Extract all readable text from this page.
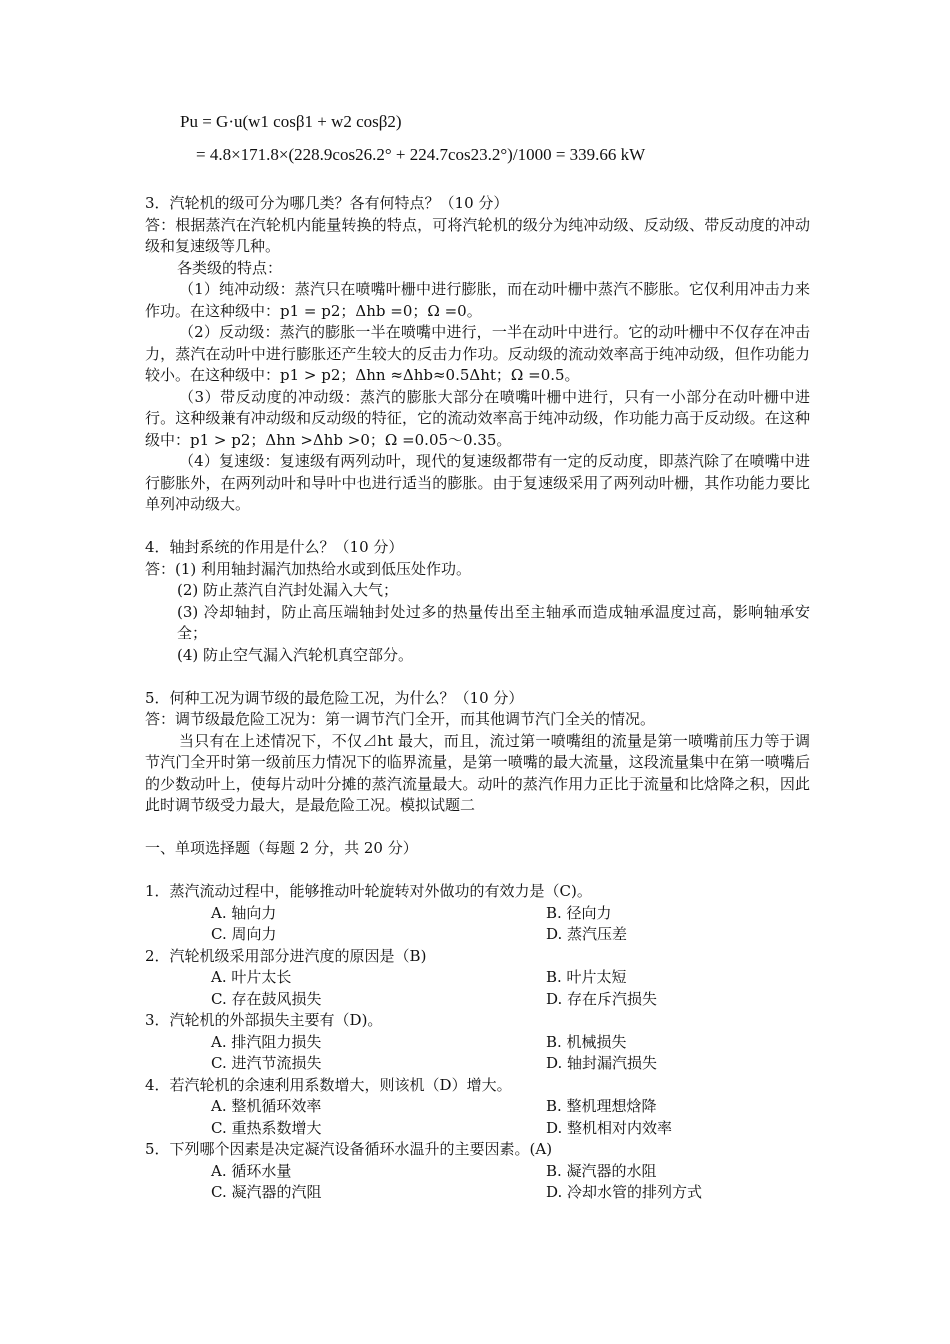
Pu = G·u(w1 cosβ1 + w2 cosβ2)
= 4.8×171.8×(228.9cos26.2° + 224.7cos23.2°)/1000 = 339.66 kW
3．汽轮机的级可分为哪几类？各有何特点？（10 分）
答：根据蒸汽在汽轮机内能量转换的特点，可将汽轮机的级分为纯冲动级、反动级、带反动度的冲动级和复速级等几种。
各类级的特点：
（1）纯冲动级：蒸汽只在喷嘴叶栅中进行膨胀，而在动叶栅中蒸汽不膨胀。它仅利用冲击力来作功。在这种级中：p1 = p2；Δhb =0；Ω =0。
（2）反动级：蒸汽的膨胀一半在喷嘴中进行，一半在动叶中进行。它的动叶栅中不仅存在冲击力，蒸汽在动叶中进行膨胀还产生较大的反击力作功。反动级的流动效率高于纯冲动级，但作功能力较小。在这种级中：p1 > p2；Δhn ≈Δhb≈0.5Δht；Ω =0.5。
（3）带反动度的冲动级：蒸汽的膨胀大部分在喷嘴叶栅中进行，只有一小部分在动叶栅中进行。这种级兼有冲动级和反动级的特征，它的流动效率高于纯冲动级，作功能力高于反动级。在这种级中：p1 > p2；Δhn >Δhb >0；Ω =0.05～0.35。
（4）复速级：复速级有两列动叶，现代的复速级都带有一定的反动度，即蒸汽除了在喷嘴中进行膨胀外，在两列动叶和导叶中也进行适当的膨胀。由于复速级采用了两列动叶栅，其作功能力要比单列冲动级大。
4．轴封系统的作用是什么？（10 分）
答：(1) 利用轴封漏汽加热给水或到低压处作功。
(2) 防止蒸汽自汽封处漏入大气；
(3) 冷却轴封，防止高压端轴封处过多的热量传出至主轴承而造成轴承温度过高，影响轴承安全；
(4) 防止空气漏入汽轮机真空部分。
5．何种工况为调节级的最危险工况，为什么？（10 分）
答：调节级最危险工况为：第一调节汽门全开，而其他调节汽门全关的情况。
当只有在上述情况下，不仅⊿ht 最大，而且，流过第一喷嘴组的流量是第一喷嘴前压力等于调节汽门全开时第一级前压力情况下的临界流量，是第一喷嘴的最大流量，这段流量集中在第一喷嘴后的少数动叶上，使每片动叶分摊的蒸汽流量最大。动叶的蒸汽作用力正比于流量和比焓降之积，因此此时调节级受力最大，是最危险工况。模拟试题二
一、单项选择题（每题 2 分，共 20 分）
1．蒸汽流动过程中，能够推动叶轮旋转对外做功的有效力是（C)。
A. 轴向力	B. 径向力
C. 周向力	D. 蒸汽压差
2．汽轮机级采用部分进汽度的原因是（B)
A. 叶片太长	B. 叶片太短
C. 存在鼓风损失	D. 存在斥汽损失
3．汽轮机的外部损失主要有（D)。
A. 排汽阻力损失	B. 机械损失
C. 进汽节流损失	D. 轴封漏汽损失
4．若汽轮机的余速利用系数增大，则该机（D）增大。
A. 整机循环效率	B. 整机理想焓降
C. 重热系数增大	D. 整机相对内效率
5．下列哪个因素是决定凝汽设备循环水温升的主要因素。(A)
A. 循环水量	B. 凝汽器的水阻
C. 凝汽器的汽阻	D. 冷却水管的排列方式
